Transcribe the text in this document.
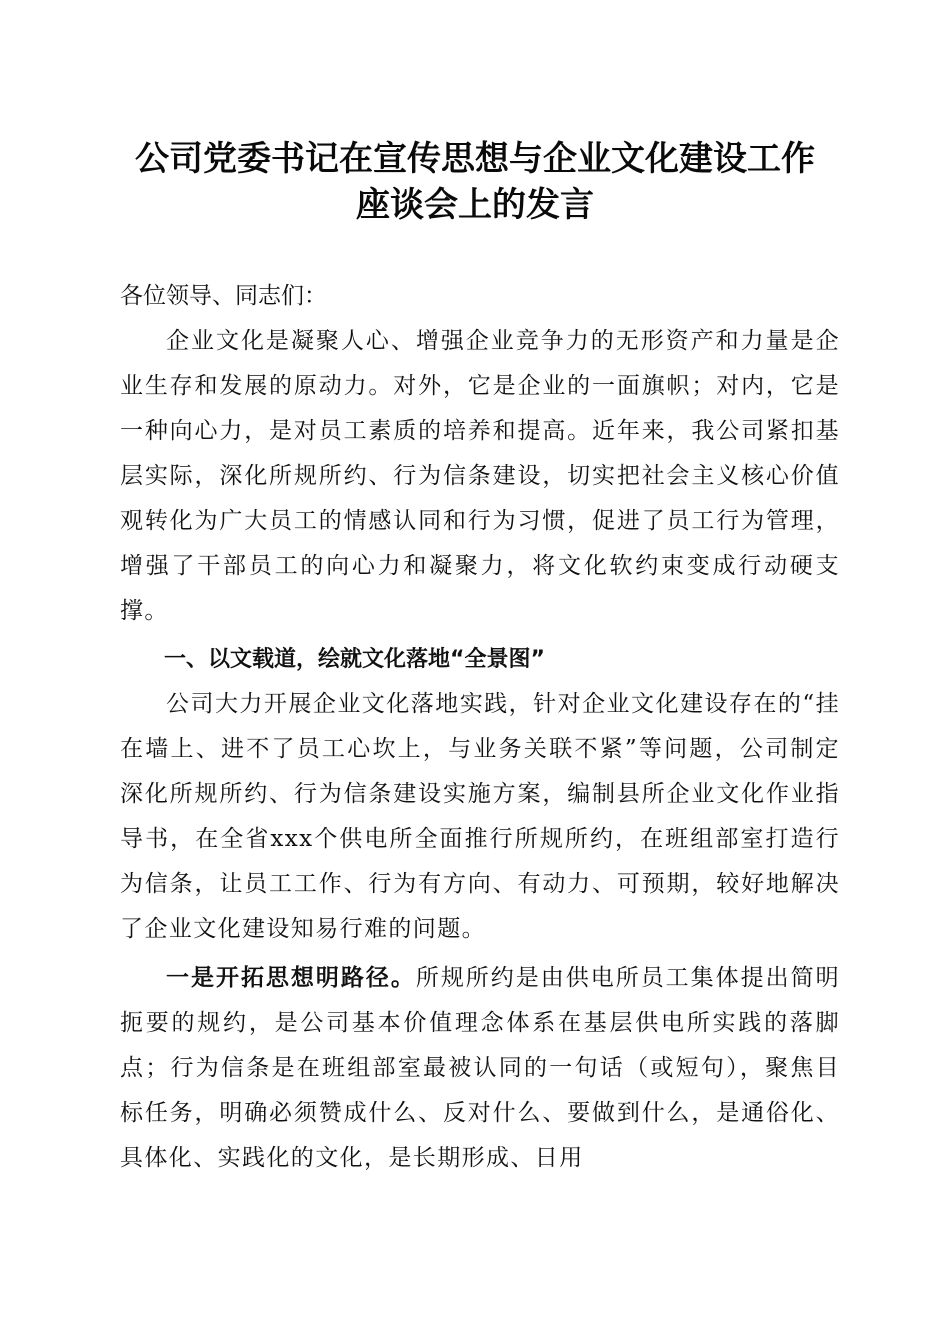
公司党委书记在宣传思想与企业文化建设工作
座谈会上的发言

各位领导、同志们：

企业文化是凝聚人心、增强企业竞争力的无形资产和力量是企业生存和发展的原动力。对外，它是企业的一面旗帜；对内，它是一种向心力，是对员工素质的培养和提高。近年来，我公司紧扣基层实际，深化所规所约、行为信条建设，切实把社会主义核心价值观转化为广大员工的情感认同和行为习惯，促进了员工行为管理，增强了干部员工的向心力和凝聚力，将文化软约束变成行动硬支撑。

一、以文载道，绘就文化落地“全景图”

公司大力开展企业文化落地实践，针对企业文化建设存在的“挂在墙上、进不了员工心坎上，与业务关联不紧”等问题，公司制定深化所规所约、行为信条建设实施方案，编制县所企业文化作业指导书，在全省xxx个供电所全面推行所规所约，在班组部室打造行为信条，让员工工作、行为有方向、有动力、可预期，较好地解决了企业文化建设知易行难的问题。

一是开拓思想明路径。所规所约是由供电所员工集体提出简明扼要的规约，是公司基本价值理念体系在基层供电所实践的落脚点；行为信条是在班组部室最被认同的一句话（或短句），聚焦目标任务，明确必须赞成什么、反对什么、要做到什么，是通俗化、具体化、实践化的文化，是长期形成、日用
